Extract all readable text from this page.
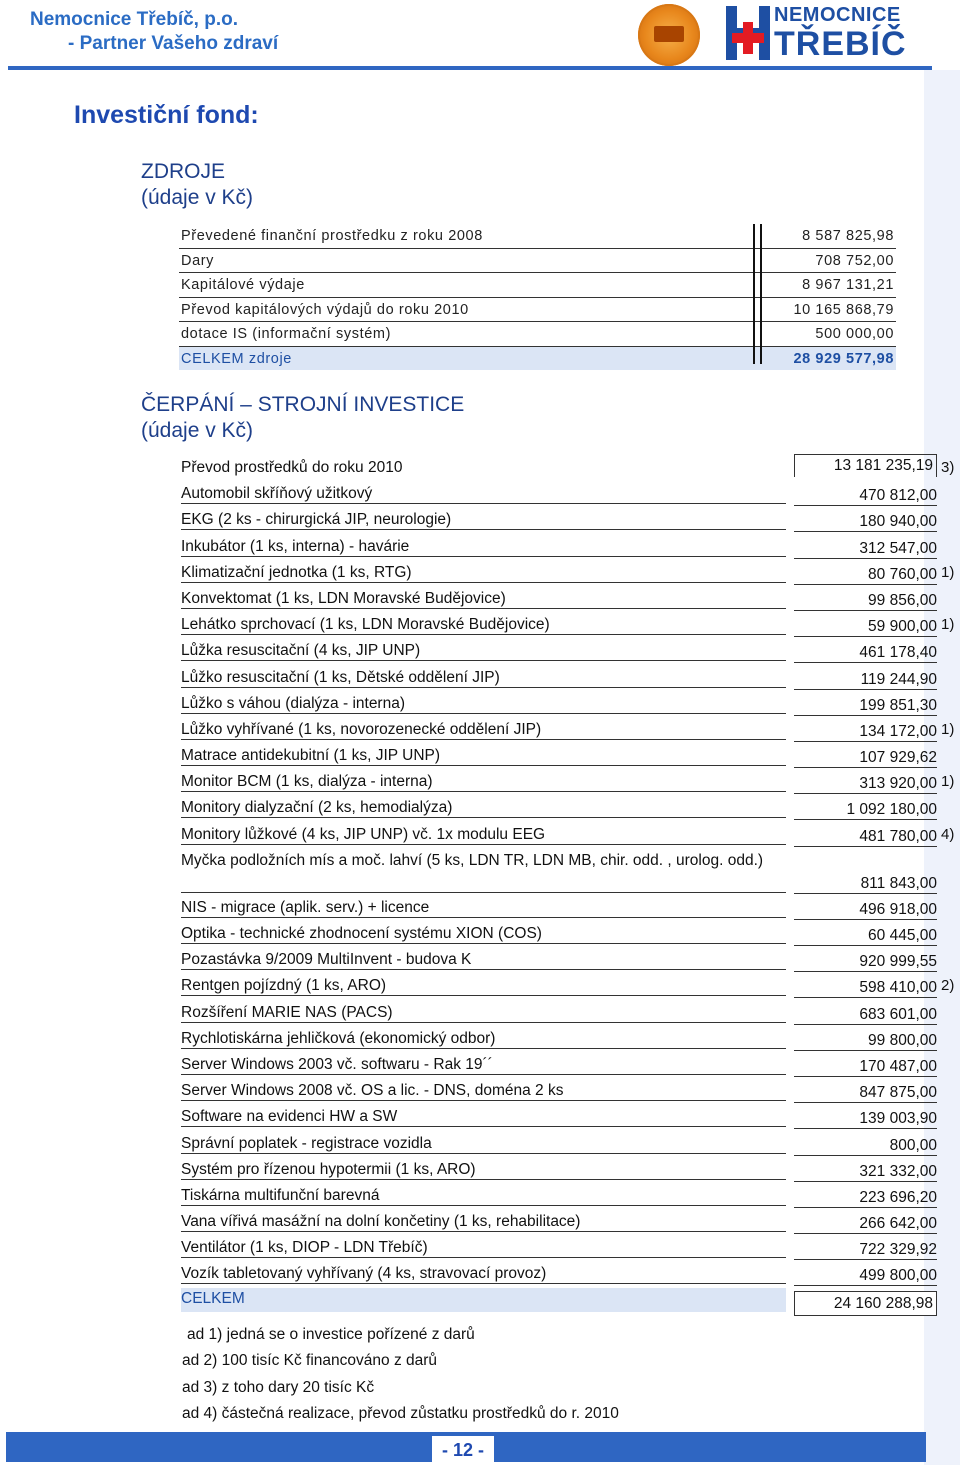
Nemocnice Třebíč, p.o.
- Partner Vašeho zdraví
NEMOCNICE
TŘEBÍČ
Investiční fond:
ZDROJE
(údaje v Kč)
Převedené finanční prostředku z roku 2008	8 587 825,98
Dary	708 752,00
Kapitálové výdaje	8 967 131,21
Převod kapitálových výdajů do roku 2010	10 165 868,79
dotace IS (informační systém)	500 000,00
CELKEM zdroje	28 929 577,98
ČERPÁNÍ – STROJNÍ INVESTICE
(údaje v Kč)
Převod prostředků do roku 2010	13 181 235,19 3)
Automobil skříňový užitkový	470 812,00
EKG (2 ks - chirurgická JIP, neurologie)	180 940,00
Inkubátor (1 ks, interna) - havárie	312 547,00
Klimatizační jednotka (1 ks, RTG)	80 760,00 1)
Konvektomat (1 ks, LDN Moravské Budějovice)	99 856,00
Lehátko sprchovací (1 ks, LDN Moravské Budějovice)	59 900,00 1)
Lůžka resuscitační (4 ks, JIP UNP)	461 178,40
Lůžko resuscitační (1 ks, Dětské oddělení JIP)	119 244,90
Lůžko s váhou (dialýza - interna)	199 851,30
Lůžko vyhřívané (1 ks, novorozenecké oddělení JIP)	134 172,00 1)
Matrace antidekubitní (1 ks, JIP UNP)	107 929,62
Monitor BCM (1 ks, dialýza - interna)	313 920,00 1)
Monitory dialyzační (2 ks, hemodialýza)	1 092 180,00
Monitory lůžkové (4 ks, JIP UNP) vč. 1x modulu EEG	481 780,00 4)
Myčka podložních mís a moč. lahví (5 ks, LDN TR, LDN MB, chir. odd. , urolog. odd.)
811 843,00
NIS - migrace (aplik. serv.) + licence	496 918,00
Optika - technické zhodnocení systému XION (COS)	60 445,00
Pozastávka 9/2009 MultiInvent - budova K	920 999,55
Rentgen pojízdný (1 ks, ARO)	598 410,00 2)
Rozšíření MARIE NAS (PACS)	683 601,00
Rychlotiskárna jehličková (ekonomický odbor)	99 800,00
Server Windows 2003 vč. softwaru - Rak 19´´	170 487,00
Server Windows 2008 vč. OS a lic. - DNS, doména 2 ks	847 875,00
Software na evidenci HW a SW	139 003,90
Správní poplatek - registrace vozidla	800,00
Systém pro řízenou hypotermii (1 ks, ARO)	321 332,00
Tiskárna multifunční barevná	223 696,20
Vana vířivá masážní na dolní končetiny (1 ks, rehabilitace)	266 642,00
Ventilátor (1 ks, DIOP - LDN Třebíč)	722 329,92
Vozík tabletovaný vyhřívaný (4 ks, stravovací provoz)	499 800,00
CELKEM	24 160 288,98
ad 1) jedná se o investice pořízené z darů
ad 2) 100 tisíc Kč financováno z darů
ad 3) z toho dary 20 tisíc Kč
ad 4) částečná realizace, převod zůstatku prostředků do r. 2010
- 12 -
